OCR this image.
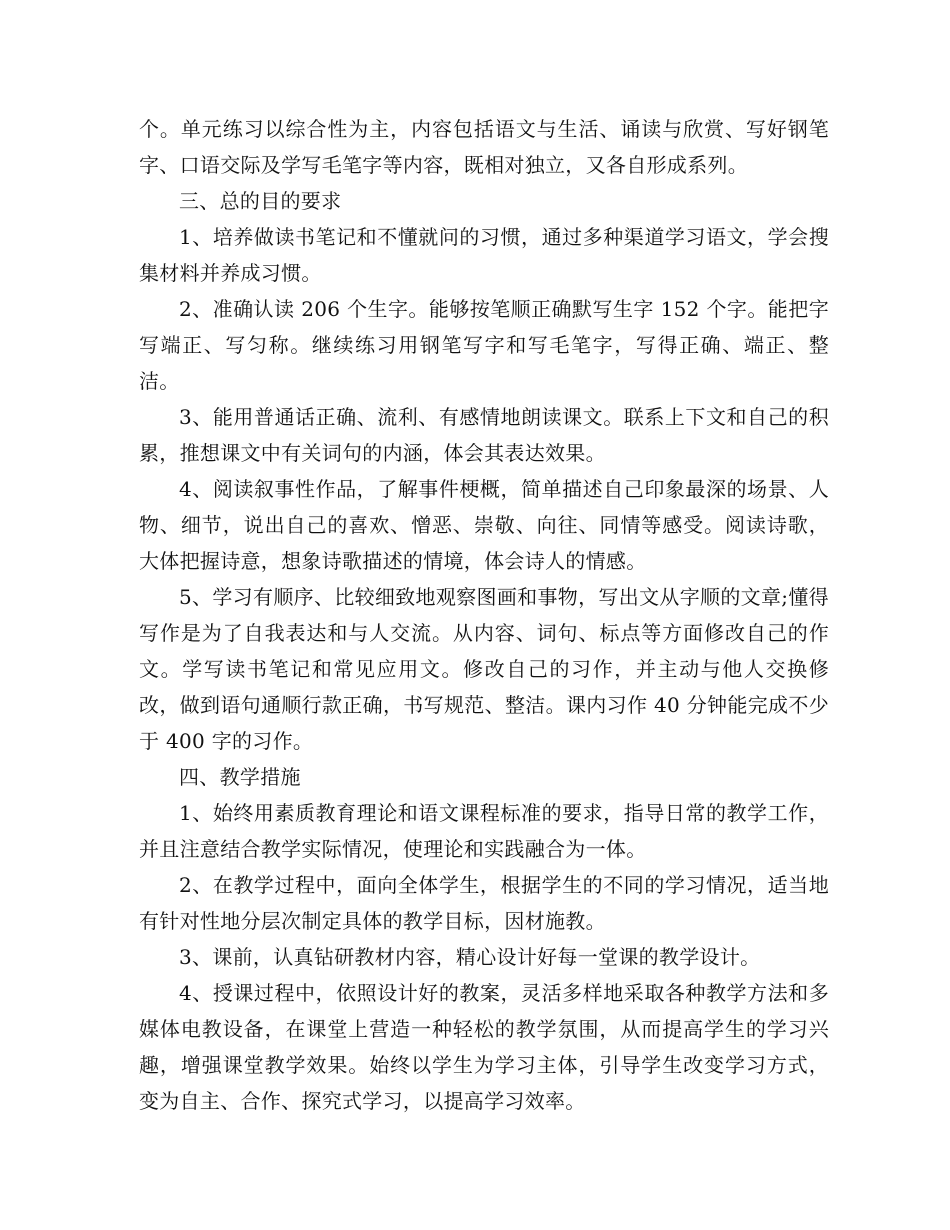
个。单元练习以综合性为主，内容包括语文与生活、诵读与欣赏、写好钢笔字、口语交际及学写毛笔字等内容，既相对独立，又各自形成系列。

三、总的目的要求

1、培养做读书笔记和不懂就问的习惯，通过多种渠道学习语文，学会搜集材料并养成习惯。

2、准确认读 206 个生字。能够按笔顺正确默写生字 152 个字。能把字写端正、写匀称。继续练习用钢笔写字和写毛笔字，写得正确、端正、整洁。

3、能用普通话正确、流利、有感情地朗读课文。联系上下文和自己的积累，推想课文中有关词句的内涵，体会其表达效果。

4、阅读叙事性作品，了解事件梗概，简单描述自己印象最深的场景、人物、细节，说出自己的喜欢、憎恶、崇敬、向往、同情等感受。阅读诗歌，大体把握诗意，想象诗歌描述的情境，体会诗人的情感。

5、学习有顺序、比较细致地观察图画和事物，写出文从字顺的文章;懂得写作是为了自我表达和与人交流。从内容、词句、标点等方面修改自己的作文。学写读书笔记和常见应用文。修改自己的习作，并主动与他人交换修改，做到语句通顺行款正确，书写规范、整洁。课内习作 40 分钟能完成不少于 400 字的习作。

四、教学措施

1、始终用素质教育理论和语文课程标准的要求，指导日常的教学工作，并且注意结合教学实际情况，使理论和实践融合为一体。

2、在教学过程中，面向全体学生，根据学生的不同的学习情况，适当地有针对性地分层次制定具体的教学目标，因材施教。

3、课前，认真钻研教材内容，精心设计好每一堂课的教学设计。

4、授课过程中，依照设计好的教案，灵活多样地采取各种教学方法和多媒体电教设备，在课堂上营造一种轻松的教学氛围，从而提高学生的学习兴趣，增强课堂教学效果。始终以学生为学习主体，引导学生改变学习方式，变为自主、合作、探究式学习，以提高学习效率。
